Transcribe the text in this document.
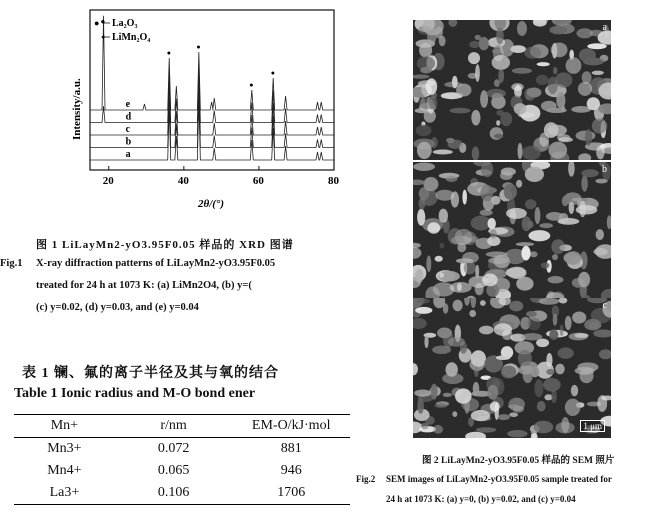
a
b
c
d
e
●
●
●
●
●
20	40	60	80
● La₂O₃
✦ LiMn₂O₄
Intensity/a.u.
2θ/(°)
图 1 LiLayMn2-yO3.95F0.05 样品的 XRD 图谱
Fig.1 X-ray diffraction patterns of LiLayMn2-yO3.95F0.05
treated for 24 h at 1073 K: (a) LiMn2O4, (b) y=(
(c) y=0.02, (d) y=0.03, and (e) y=0.04
表 1 镧、氟的离子半径及其与氧的结合
Table 1 Ionic radius and M-O bond ener
Mn+	r/nm	EM-O/kJ·mol
Mn3+	0.072	881
Mn4+	0.065	946
La3+	0.106	1706
a
b
c
1 μm
图 2 LiLayMn2-yO3.95F0.05 样品的 SEM 照片
Fig.2 SEM images of LiLayMn2-yO3.95F0.05 sample treated for
24 h at 1073 K: (a) y=0, (b) y=0.02, and (c) y=0.04
